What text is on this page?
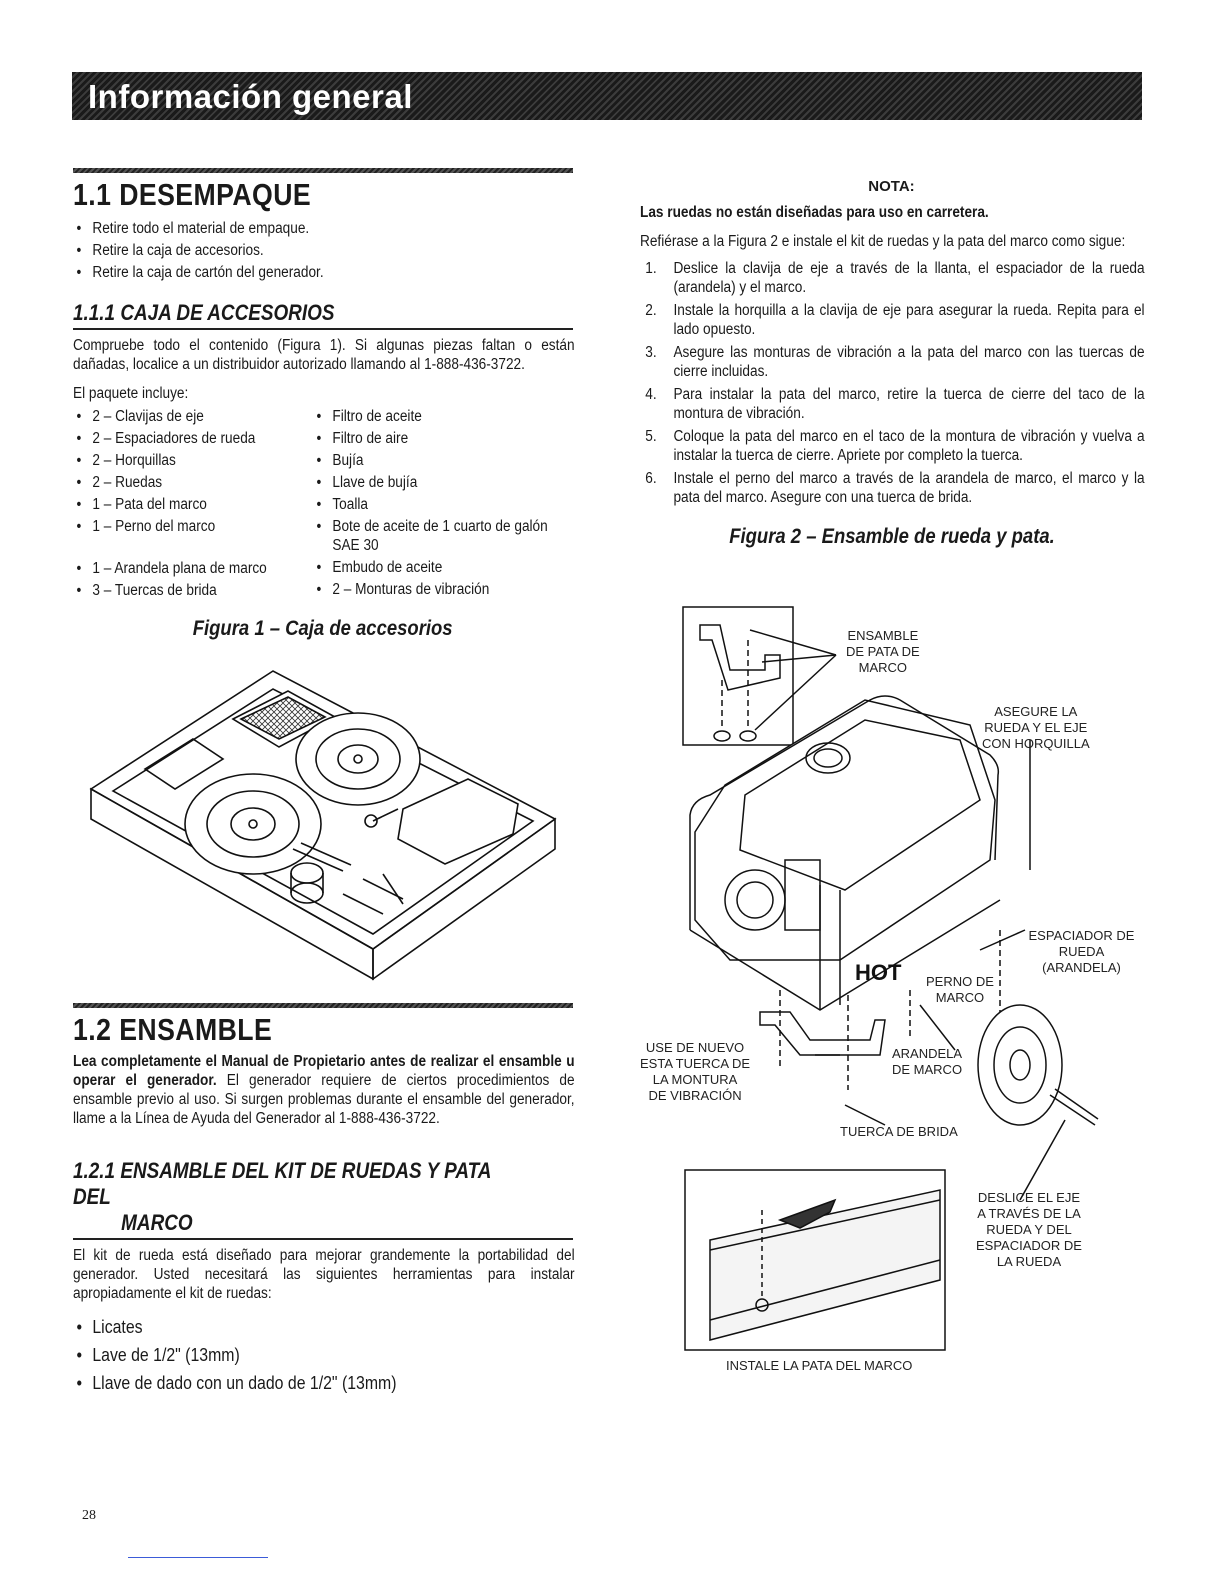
Información general
1.1 DESEMPAQUE
• Retire todo el material de empaque.
• Retire la caja de accesorios.
• Retire la caja de cartón del generador.
1.1.1 CAJA DE ACCESORIOS

Compruebe todo el contenido (Figura 1). Si algunas piezas faltan o están dañadas, localice a un distribuidor autorizado llamando al 1-888-436-3722.

El paquete incluye:

• 2 – Clavijas de eje
• 2 – Espaciadores de rueda
• 2 – Horquillas
• 2 – Ruedas
• 1 – Pata del marco
• 1 – Perno del marco
• 1 – Arandela plana de marco
• 3 – Tuercas de brida
• Filtro de aceite
• Filtro de aire
• Bujía
• Llave de bujía
• Toalla
• Bote de aceite de 1 cuarto de galón SAE 30
• Embudo de aceite
• 2 – Monturas de vibración
Figura 1 – Caja de accesorios
1.2 ENSAMBLE

Lea completamente el Manual de Propietario antes de realizar el ensamble u operar el generador. El generador requiere de ciertos procedimientos de ensamble previo al uso. Si surgen problemas durante el ensamble del generador, llame a la Línea de Ayuda del Generador al 1-888-436-3722.

1.2.1 ENSAMBLE DEL KIT DE RUEDAS Y PATA DEL
MARCO

El kit de rueda está diseñado para mejorar grandemente la portabilidad del generador. Usted necesitará las siguientes herramientas para instalar apropiadamente el kit de ruedas:

• Licates
• Lave de 1/2" (13mm)
• Llave de dado con un dado de 1/2" (13mm)
NOTA:

Las ruedas no están diseñadas para uso en carretera.

Refiérase a la Figura 2 e instale el kit de ruedas y la pata del marco como sigue:

1. Deslice la clavija de eje a través de la llanta, el espaciador de la rueda (arandela) y el marco.
2. Instale la horquilla a la clavija de eje para asegurar la rueda. Repita para el lado opuesto.
3. Asegure las monturas de vibración a la pata del marco con las tuercas de cierre incluidas.
4. Para instalar la pata del marco, retire la tuerca de cierre del taco de la montura de vibración.
5. Coloque la pata del marco en el taco de la montura de vibración y vuelva a instalar la tuerca de cierre. Apriete por completo la tuerca.
6. Instale el perno del marco a través de la arandela de marco, el marco y la pata del marco. Asegure con una tuerca de brida.
Figura 2 – Ensamble de rueda y pata.
HOT
ENSAMBLE
DE PATA DE
MARCO
ASEGURE LA
RUEDA Y EL EJE
CON HORQUILLA
ESPACIADOR DE
RUEDA (ARANDELA)
PERNO DE
MARCO
USE DE NUEVO
ESTA TUERCA DE
LA MONTURA
DE VIBRACIÓN
ARANDELA
DE MARCO
TUERCA DE BRIDA
DESLICE EL EJE
A TRAVÉS DE LA
RUEDA Y DEL
ESPACIADOR DE
LA RUEDA
INSTALE LA PATA DEL MARCO
28
